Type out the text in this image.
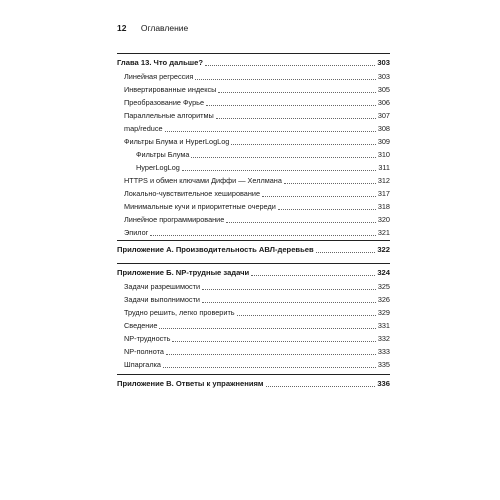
12 Оглавление
Глава 13. Что дальше?	303
Линейная регрессия	303
Инвертированные индексы	305
Преобразование Фурье	306
Параллельные алгоритмы	307
map/reduce	308
Фильтры Блума и HyperLogLog	309
Фильтры Блума	310
HyperLogLog	311
HTTPS и обмен ключами Диффи — Хеллмана	312
Локально-чувствительное хеширование	317
Минимальные кучи и приоритетные очереди	318
Линейное программирование	320
Эпилог	321
Приложение А. Производительность АВЛ-деревьев	322
Приложение Б. NP-трудные задачи	324
Задачи разрешимости	325
Задачи выполнимости	326
Трудно решить, легко проверить	329
Сведение	331
NP-трудность	332
NP-полнота	333
Шпаргалка	335
Приложение В. Ответы к упражнениям	336
